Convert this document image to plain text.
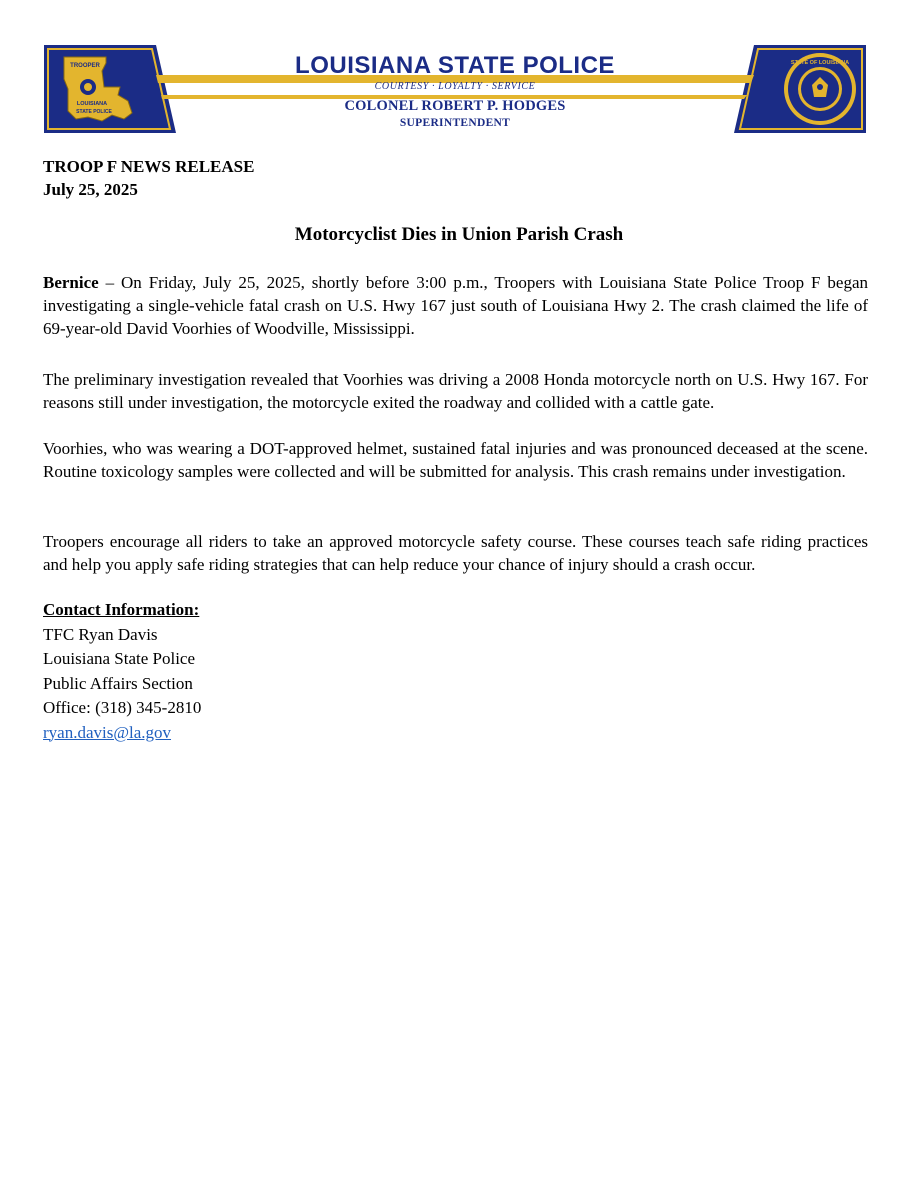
TROOPER
LOUISIANA
STATE POLICE
STATE OF LOUISIANA
LOUISIANA STATE POLICE
COURTESY · LOYALTY · SERVICE
COLONEL ROBERT P. HODGES
SUPERINTENDENT
TROOP F NEWS RELEASE
July 25, 2025
Motorcyclist Dies in Union Parish Crash

Bernice – On Friday, July 25, 2025, shortly before 3:00 p.m., Troopers with Louisiana State Police Troop F began investigating a single-vehicle fatal crash on U.S. Hwy 167 just south of Louisiana Hwy 2. The crash claimed the life of 69-year-old David Voorhies of Woodville, Mississippi.

The preliminary investigation revealed that Voorhies was driving a 2008 Honda motorcycle north on U.S. Hwy 167. For reasons still under investigation, the motorcycle exited the roadway and collided with a cattle gate.

Voorhies, who was wearing a DOT-approved helmet, sustained fatal injuries and was pronounced deceased at the scene. Routine toxicology samples were collected and will be submitted for analysis. This crash remains under investigation.

Troopers encourage all riders to take an approved motorcycle safety course. These courses teach safe riding practices and help you apply safe riding strategies that can help reduce your chance of injury should a crash occur.

Contact Information:
TFC Ryan Davis
Louisiana State Police
Public Affairs Section
Office: (318) 345-2810
ryan.davis@la.gov
